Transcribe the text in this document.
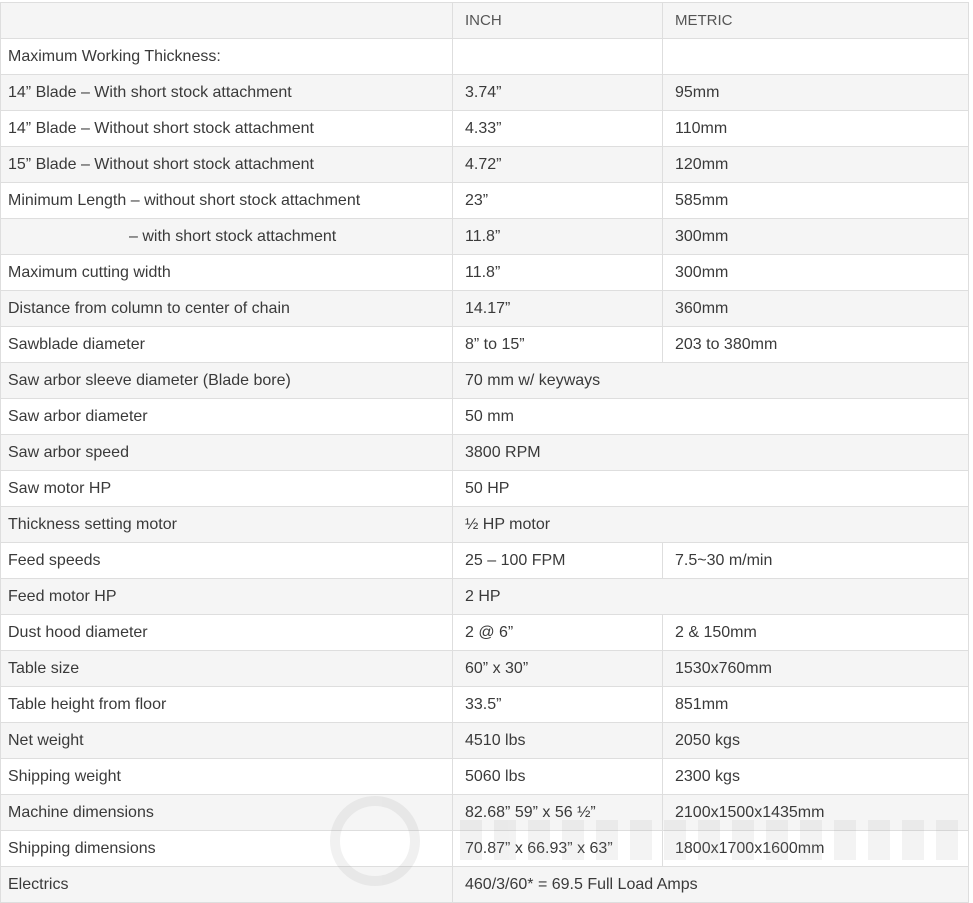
	INCH	METRIC
Maximum Working Thickness:		
14” Blade – With short stock attachment	3.74”	95mm
14” Blade – Without short stock attachment	4.33”	110mm
15” Blade – Without short stock attachment	4.72”	120mm
Minimum Length – without short stock attachment	23”	585mm
– with short stock attachment	11.8”	300mm
Maximum cutting width	11.8”	300mm
Distance from column to center of chain	14.17”	360mm
Sawblade diameter	8” to 15”	203 to 380mm
Saw arbor sleeve diameter (Blade bore)	70 mm w/ keyways	
Saw arbor diameter	50 mm	
Saw arbor speed	3800 RPM	
Saw motor HP	50 HP	
Thickness setting motor	½ HP motor	
Feed speeds	25 – 100 FPM	7.5~30 m/min
Feed motor HP	2 HP	
Dust hood diameter	2 @ 6”	2 & 150mm
Table size	60” x 30”	1530x760mm
Table height from floor	33.5”	851mm
Net weight	4510 lbs	2050 kgs
Shipping weight	5060 lbs	2300 kgs
Machine dimensions	82.68” 59” x 56 ½”	2100x1500x1435mm
Shipping dimensions	70.87” x 66.93” x 63”	1800x1700x1600mm
Electrics	460/3/60* = 69.5 Full Load Amps	
